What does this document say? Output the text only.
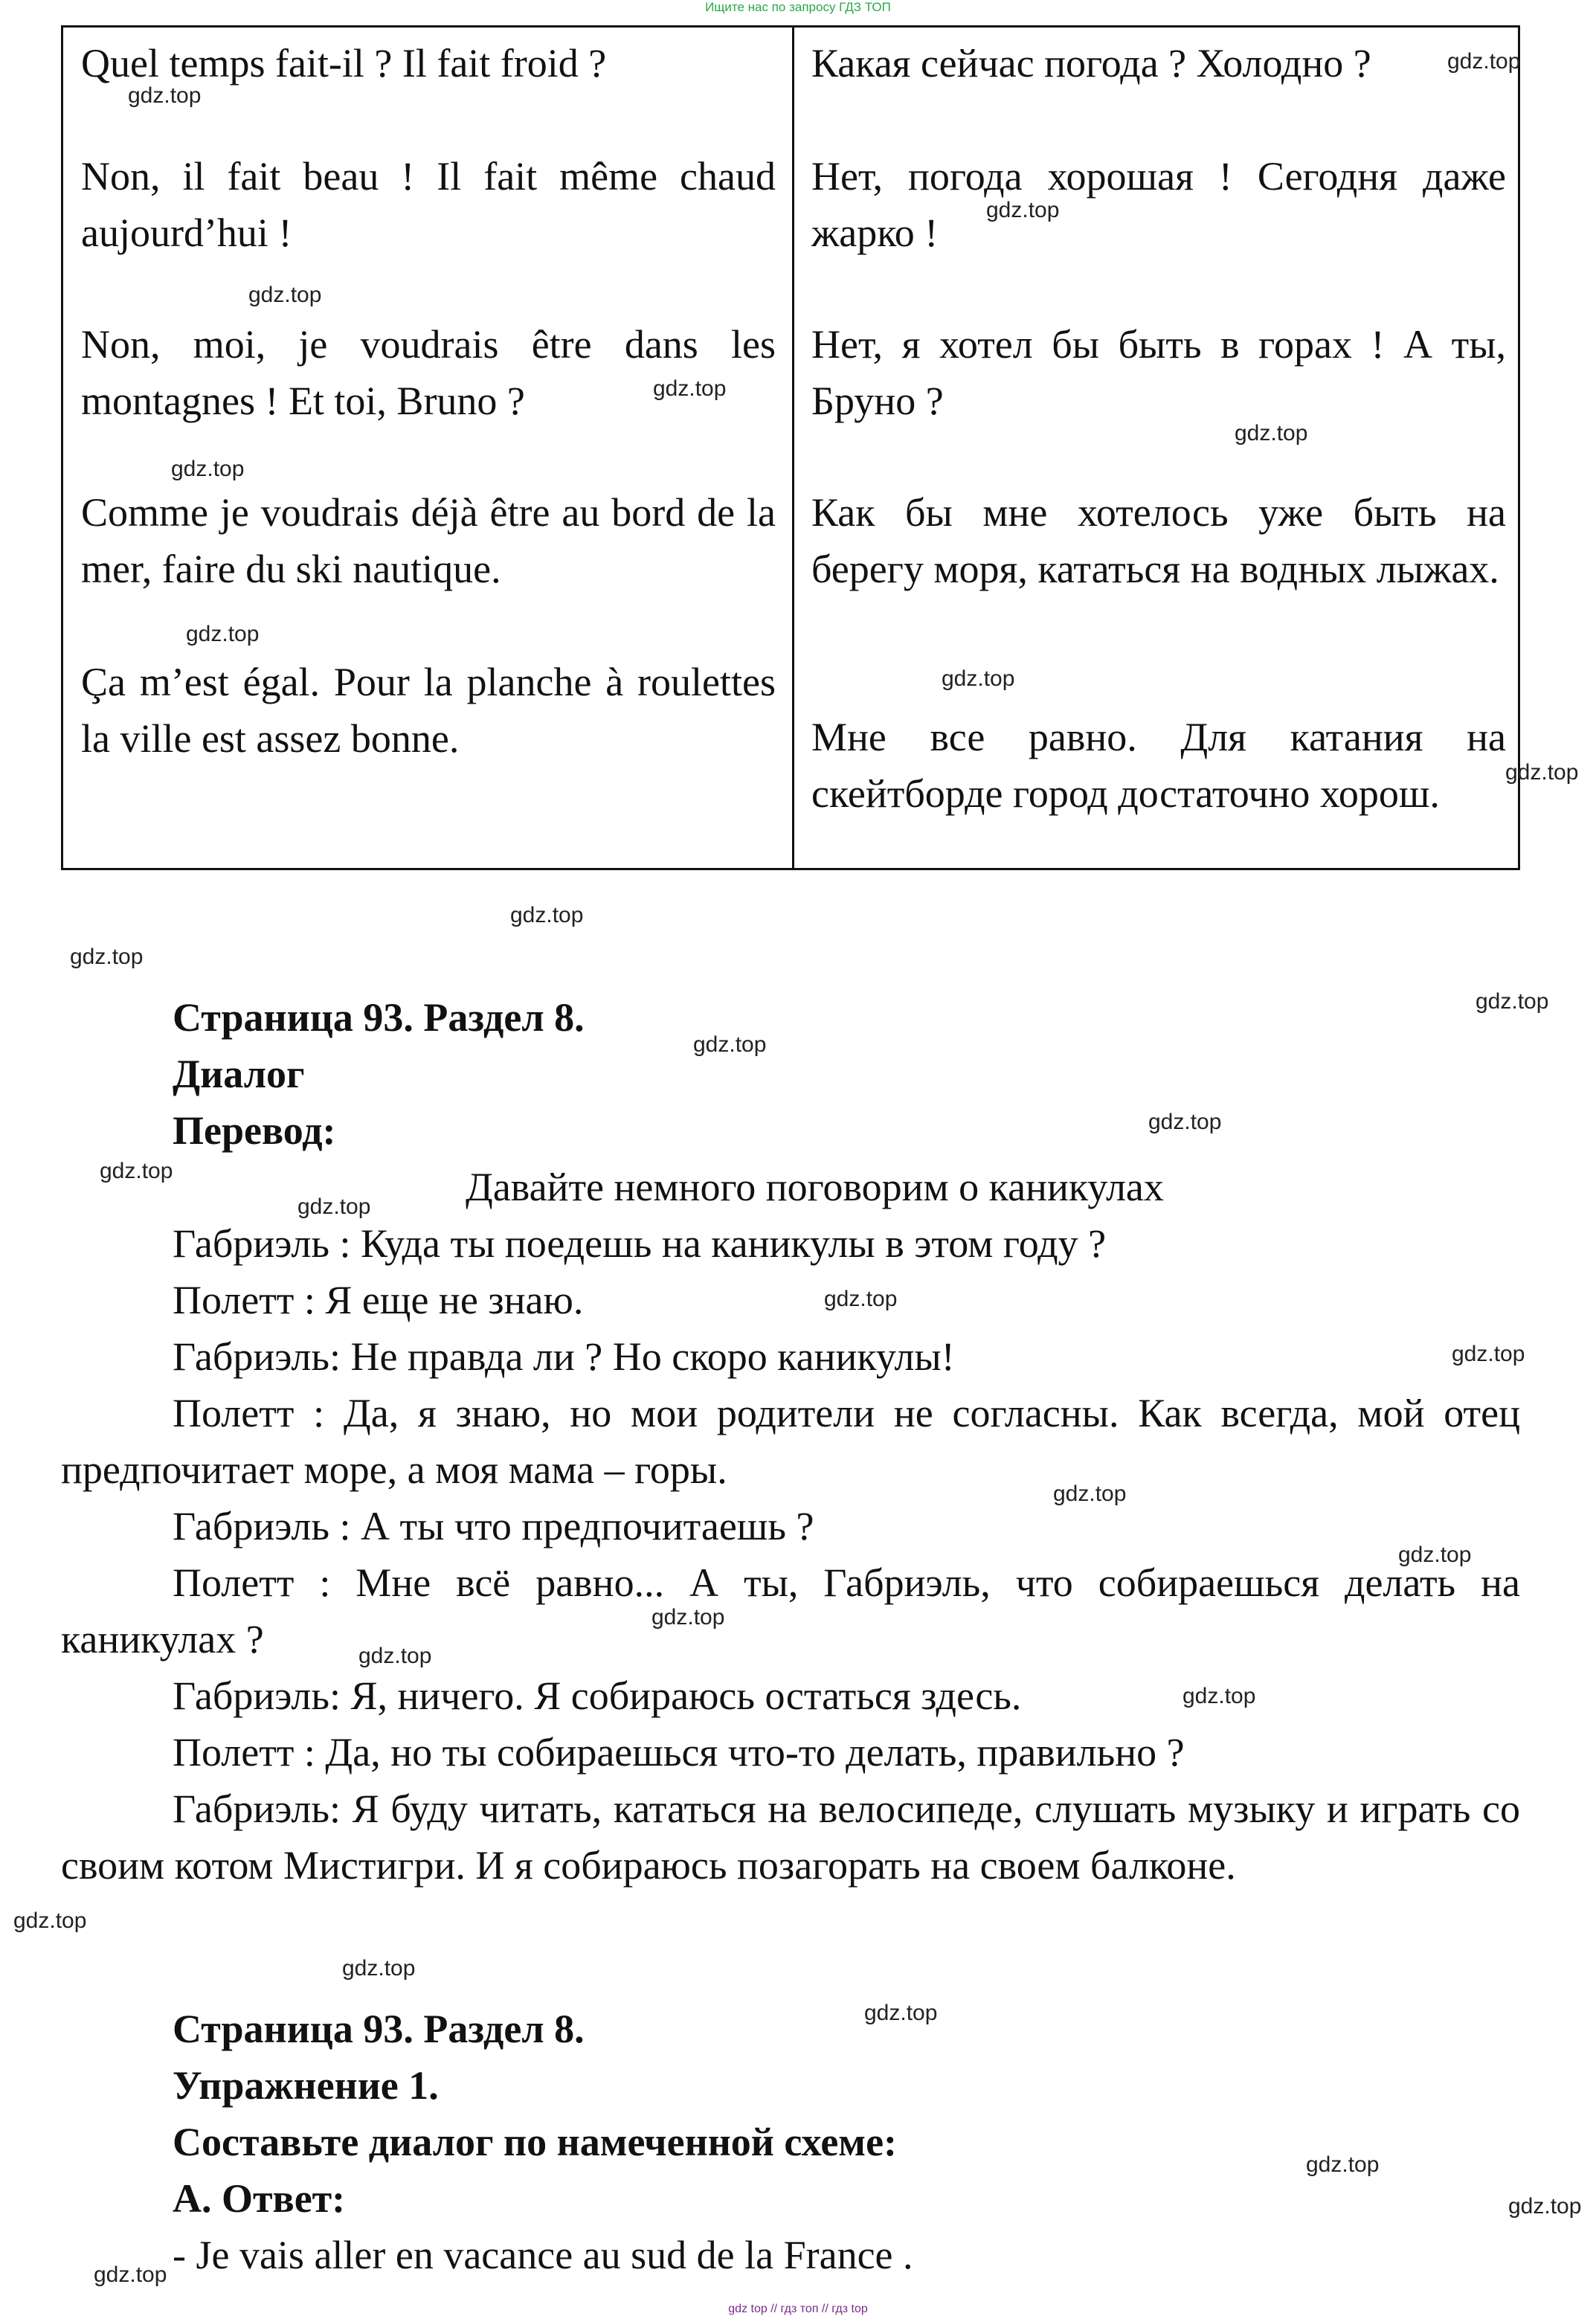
Ищите нас по запросу ГДЗ ТОП

Quel temps fait-il ? Il fait froid ?	Какая сейчас погода ? Холодно ?

Non, il fait beau ! Il fait même chaud aujourd’hui !

Нет, погода хорошая ! Сегодня даже жарко !

Non, moi, je voudrais être dans les montagnes ! Et toi, Bruno ?

Нет, я хотел бы быть в горах ! А ты, Бруно ?

Comme je voudrais déjà être au bord de la mer, faire du ski nautique.

Как бы мне хотелось уже быть на берегу моря, кататься на водных лыжах.

Ça m’est égal. Pour la planche à roulettes la ville est assez bonne.	Мне все равно. Для катания на скейтборде город достаточно хорош.

Страница 93. Раздел 8.

Диалог

Перевод:

Давайте немного поговорим о каникулах

Габриэль : Куда ты поедешь на каникулы в этом году ?

Полетт : Я еще не знаю.

Габриэль: Не правда ли ? Но скоро каникулы!

Полетт : Да, я знаю, но мои родители не согласны. Как всегда, мой отец предпочитает море, а моя мама – горы.

Габриэль : А ты что предпочитаешь ?

Полетт : Мне всё равно... А ты, Габриэль, что собираешься делать на каникулах ?

Габриэль: Я, ничего. Я собираюсь остаться здесь.

Полетт : Да, но ты собираешься что-то делать, правильно ?

Габриэль: Я буду читать, кататься на велосипеде, слушать музыку и играть со своим котом Мистигри. И я собираюсь позагорать на своем балконе.

Страница 93. Раздел 8.

Упражнение 1.

Составьте диалог по намеченной схеме:

А. Ответ:

- Je vais aller en vacance au sud de la France .

gdz.top
gdz.top
gdz.top
gdz.top
gdz.top
gdz.top
gdz.top
gdz.top
gdz.top
gdz.top
gdz.top
gdz.top
gdz.top
gdz.top
gdz.top
gdz.top
gdz.top
gdz.top
gdz.top
gdz.top
gdz.top
gdz.top
gdz.top
gdz.top
gdz.top
gdz.top
gdz.top
gdz.top
gdz.top
gdz.top
gdz top // гдз топ // гдз top
